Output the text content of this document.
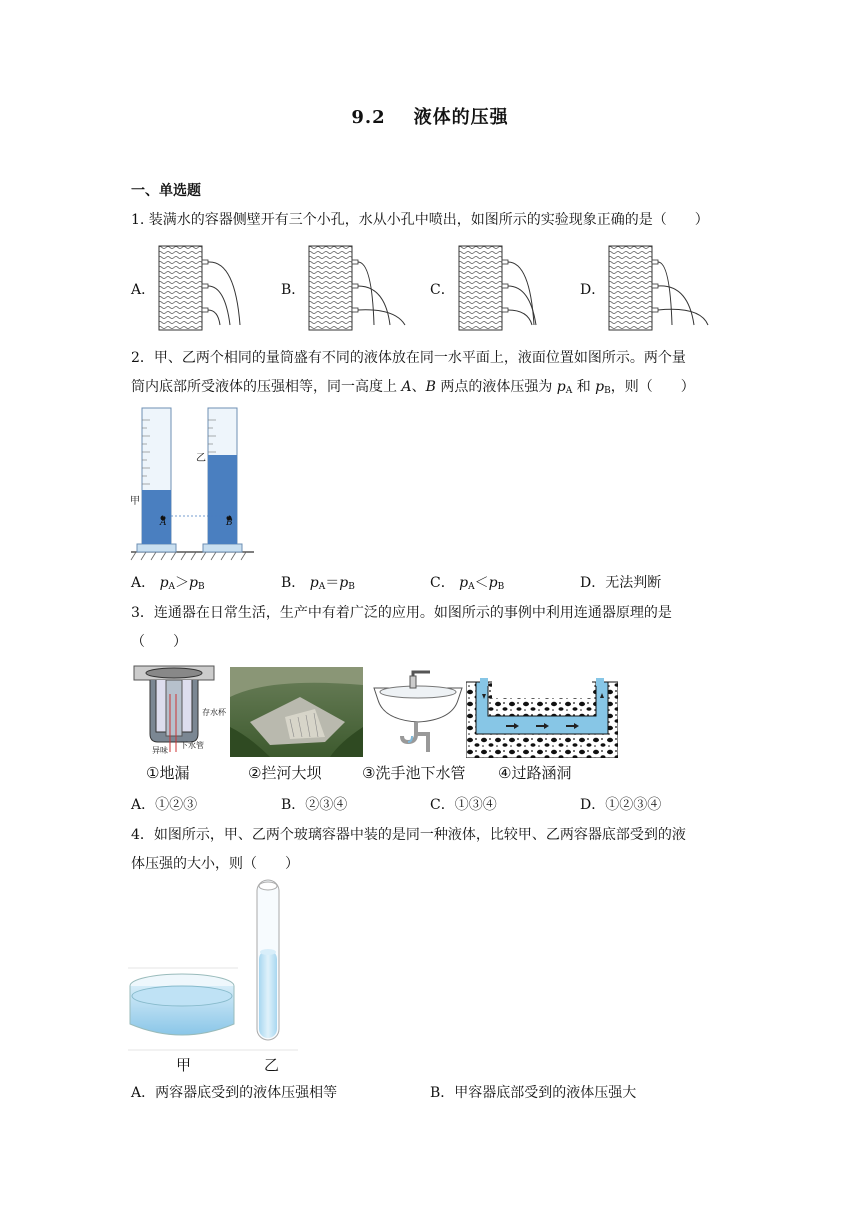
9.2 液体的压强
一、单选题
1. 装满水的容器侧壁开有三个小孔，水从小孔中喷出，如图所示的实验现象正确的是（　　）
A．	B．	C．	D．
2．甲、乙两个相同的量筒盛有不同的液体放在同一水平面上，液面位置如图所示。两个量
筒内底部所受液体的压强相等，同一高度上 A、B 两点的液体压强为 $p_A$ 和 $p_B$，则（　　）
甲
乙
A	B
A． $p_A>p_B$	B． $p_A=p_B$	C． $p_A<p_B$	D．无法判断
3．连通器在日常生活，生产中有着广泛的应用。如图所示的事例中利用连通器原理的是
（　　）
存水杯
异味
下水管
①地漏	②拦河大坝	③洗手池下水管 ④过路涵洞
A．①②③	B．②③④	C．①③④	D．①②③④
4．如图所示，甲、乙两个玻璃容器中装的是同一种液体，比较甲、乙两容器底部受到的液
体压强的大小，则（　　）
甲	乙
A．两容器底受到的液体压强相等	B．甲容器底部受到的液体压强大
